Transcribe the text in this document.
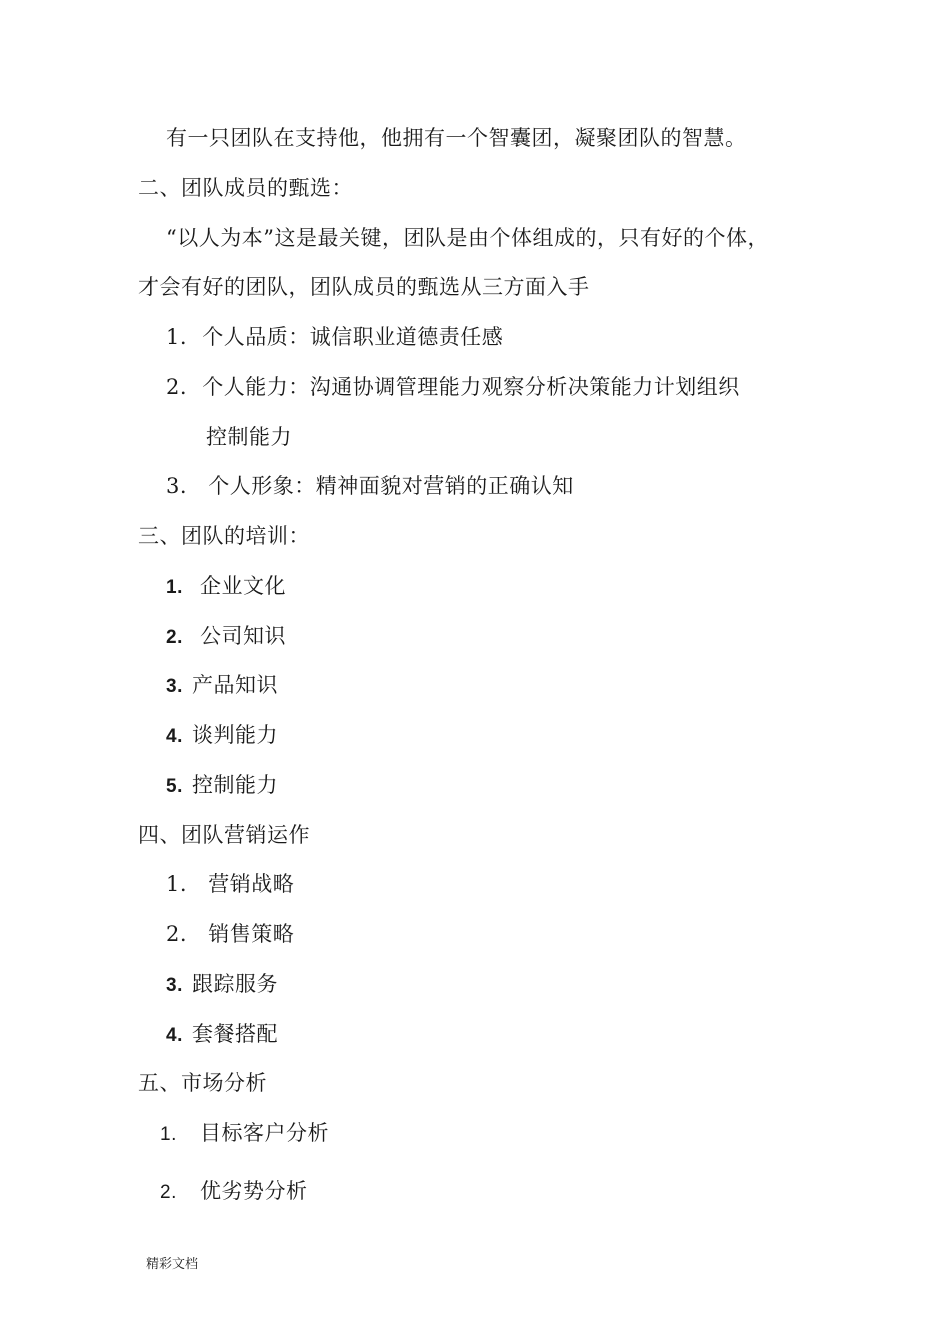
有一只团队在支持他，他拥有一个智囊团，凝聚团队的智慧。
二、团队成员的甄选：
“以人为本”这是最关键，团队是由个体组成的，只有好的个体，
才会有好的团队，团队成员的甄选从三方面入手
1. 个人品质：诚信职业道德责任感
2. 个人能力：沟通协调管理能力观察分析决策能力计划组织
控制能力
3. 个人形象：精神面貌对营销的正确认知
三、团队的培训：
1. 企业文化
2. 公司知识
3. 产品知识
4. 谈判能力
5. 控制能力
四、团队营销运作
1. 营销战略
2. 销售策略
3. 跟踪服务
4. 套餐搭配
五、市场分析
1. 目标客户分析
2. 优劣势分析
精彩文档
